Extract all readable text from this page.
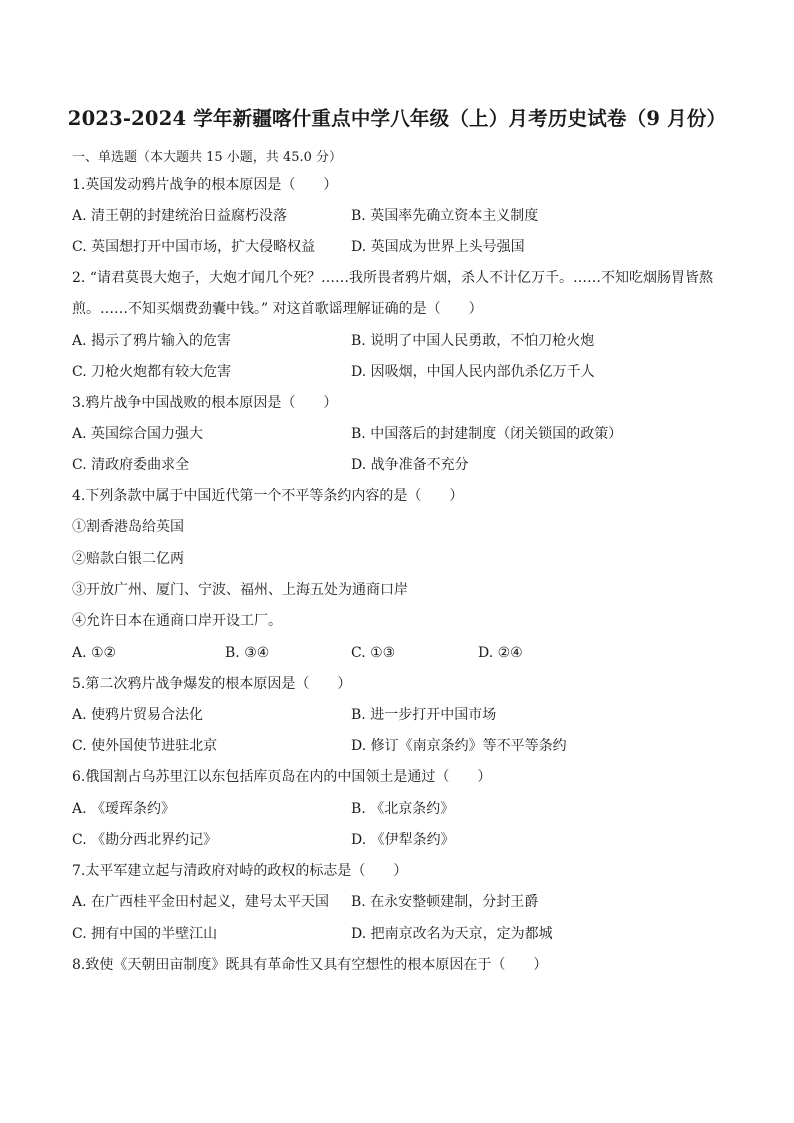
2023-2024 学年新疆喀什重点中学八年级（上）月考历史试卷（9 月份）
一、单选题（本大题共 15 小题，共 45.0 分）
1.英国发动鸦片战争的根本原因是（　　）
A. 清王朝的封建统治日益腐朽没落	B. 英国率先确立资本主义制度
C. 英国想打开中国市场，扩大侵略权益	D. 英国成为世界上头号强国
2. “请君莫畏大炮子，大炮才闻几个死？……我所畏者鸦片烟，杀人不计亿万千。……不知吃烟肠胃皆熬
煎。……不知买烟费劲囊中钱。” 对这首歌谣理解证确的是（　　）
A. 揭示了鸦片输入的危害	B. 说明了中国人民勇敢，不怕刀枪火炮
C. 刀枪火炮都有较大危害	D. 因吸烟，中国人民内部仇杀亿万千人
3.鸦片战争中国战败的根本原因是（　　）
A. 英国综合国力强大	B. 中国落后的封建制度（闭关锁国的政策）
C. 清政府委曲求全	D. 战争准备不充分
4.下列条款中属于中国近代第一个不平等条约内容的是（　　）
①割香港岛给英国
②赔款白银二亿两
③开放广州、厦门、宁波、福州、上海五处为通商口岸
④允许日本在通商口岸开设工厂。
A. ①②	B. ③④	C. ①③	D. ②④
5.第二次鸦片战争爆发的根本原因是（　　）
A. 使鸦片贸易合法化	B. 进一步打开中国市场
C. 使外国使节进驻北京	D. 修订《南京条约》等不平等条约
6.俄国割占乌苏里江以东包括库页岛在内的中国领土是通过（　　）
A. 《瑷珲条约》	B. 《北京条约》
C. 《勘分西北界约记》	D. 《伊犁条约》
7.太平军建立起与清政府对峙的政权的标志是（　　）
A. 在广西桂平金田村起义，建号太平天国 B. 在永安整顿建制，分封王爵
C. 拥有中国的半壁江山	D. 把南京改名为天京，定为都城
8.致使《天朝田亩制度》既具有革命性又具有空想性的根本原因在于（　　）
